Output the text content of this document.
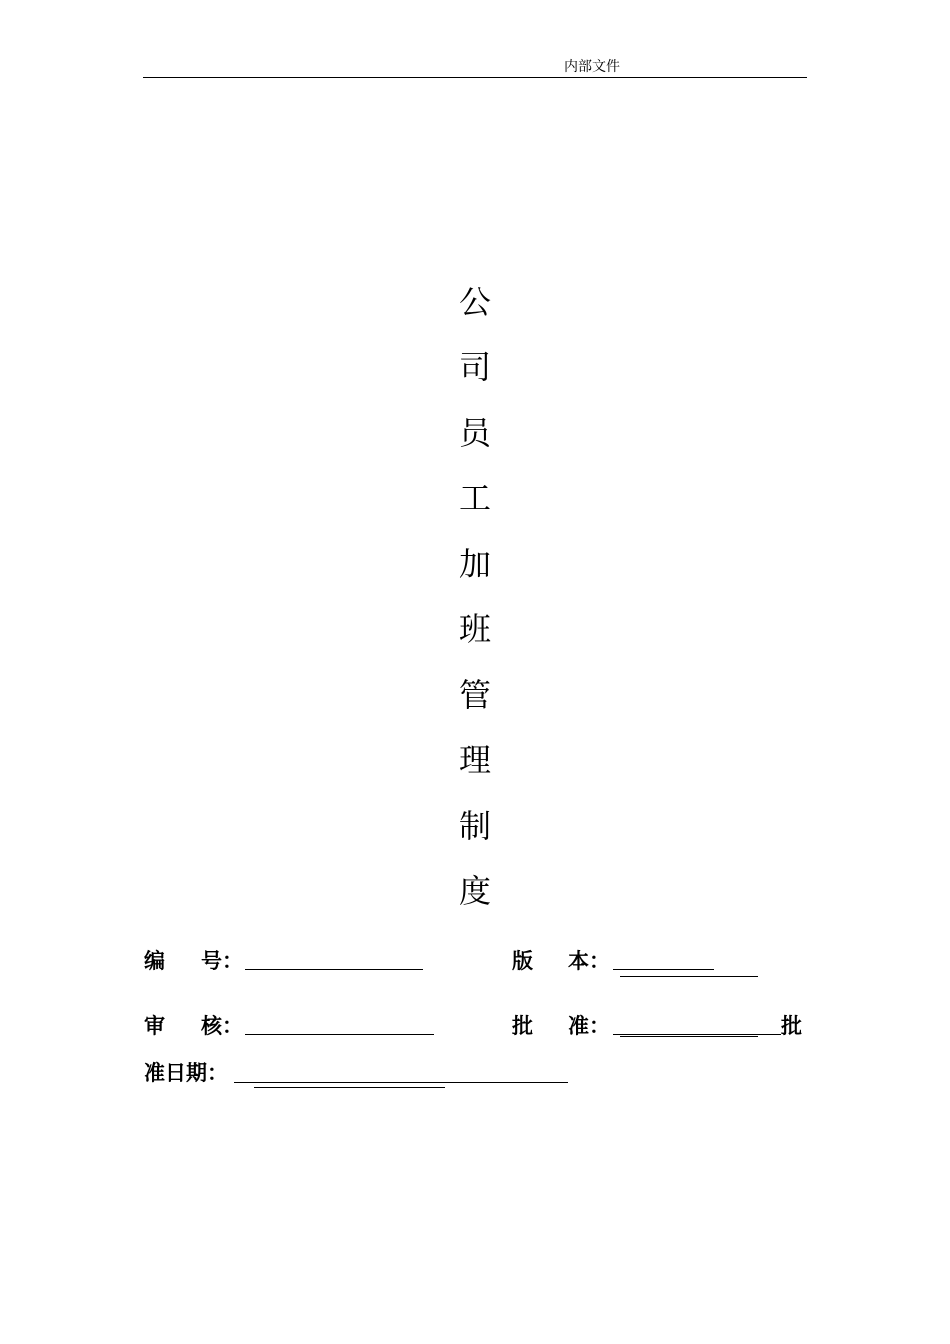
内部文件
公
司
员
工
加
班
管
理
制
度
编 号：	版 本：
审 核：	批 准：	批
准日期：
